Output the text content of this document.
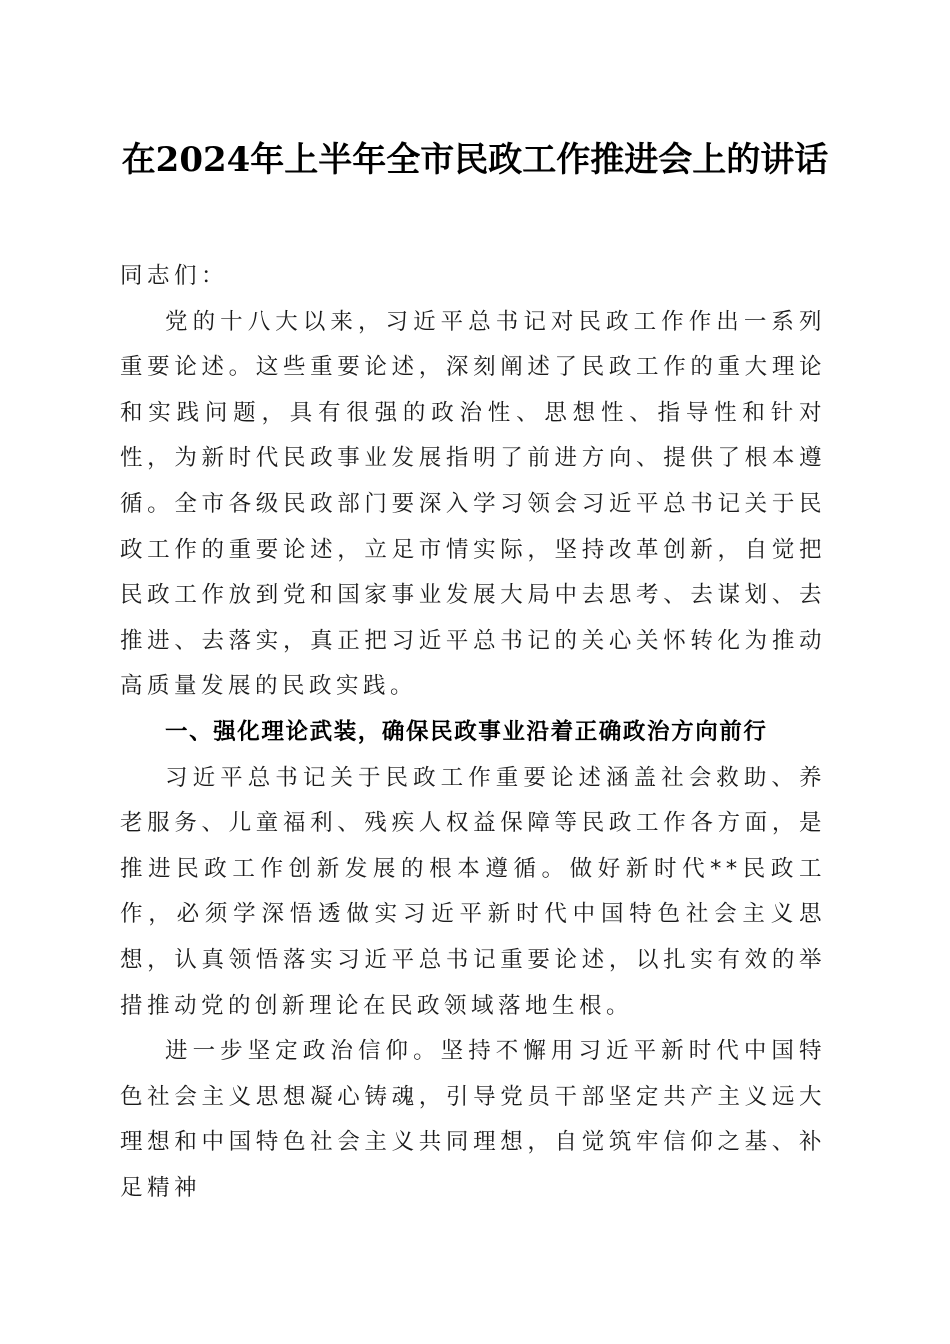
在2024年上半年全市民政工作推进会上的讲话

同志们：

党的十八大以来，习近平总书记对民政工作作出一系列重要论述。这些重要论述，深刻阐述了民政工作的重大理论和实践问题，具有很强的政治性、思想性、指导性和针对性，为新时代民政事业发展指明了前进方向、提供了根本遵循。全市各级民政部门要深入学习领会习近平总书记关于民政工作的重要论述，立足市情实际，坚持改革创新，自觉把民政工作放到党和国家事业发展大局中去思考、去谋划、去推进、去落实，真正把习近平总书记的关心关怀转化为推动高质量发展的民政实践。

一、强化理论武装，确保民政事业沿着正确政治方向前行

习近平总书记关于民政工作重要论述涵盖社会救助、养老服务、儿童福利、残疾人权益保障等民政工作各方面，是推进民政工作创新发展的根本遵循。做好新时代**民政工作，必须学深悟透做实习近平新时代中国特色社会主义思想，认真领悟落实习近平总书记重要论述，以扎实有效的举措推动党的创新理论在民政领域落地生根。

进一步坚定政治信仰。坚持不懈用习近平新时代中国特色社会主义思想凝心铸魂，引导党员干部坚定共产主义远大理想和中国特色社会主义共同理想，自觉筑牢信仰之基、补足精神
